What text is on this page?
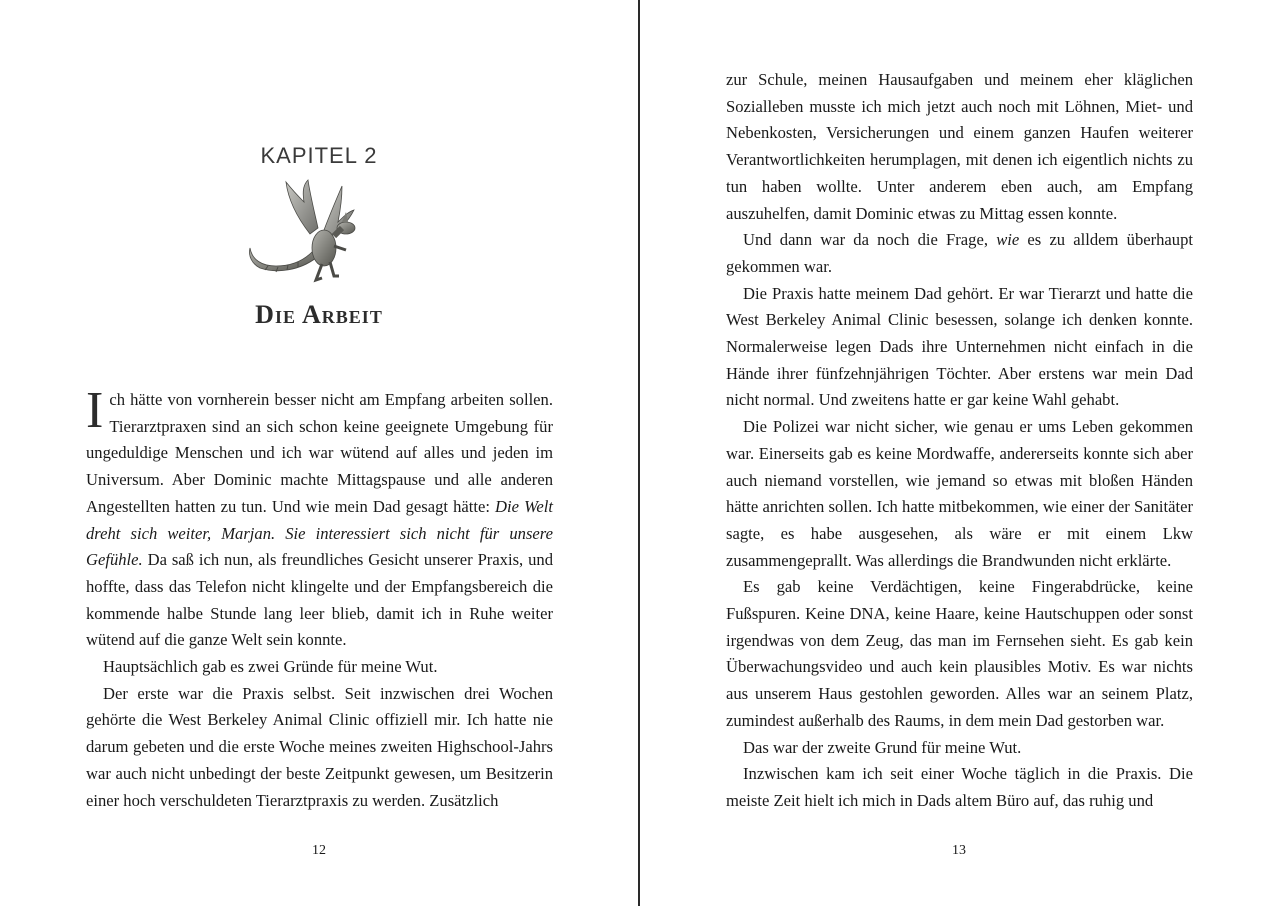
KAPITEL 2
Die Arbeit

Ich hätte von vornherein besser nicht am Empfang arbeiten sollen. Tierarztpraxen sind an sich schon keine geeignete Umgebung für ungeduldige Menschen und ich war wütend auf alles und jeden im Universum. Aber Dominic machte Mittagspause und alle anderen Angestellten hatten zu tun. Und wie mein Dad gesagt hätte: Die Welt dreht sich weiter, Marjan. Sie interessiert sich nicht für unsere Gefühle. Da saß ich nun, als freundliches Gesicht unserer Praxis, und hoffte, dass das Telefon nicht klingelte und der Empfangsbereich die kommende halbe Stunde lang leer blieb, damit ich in Ruhe weiter wütend auf die ganze Welt sein konnte.

Hauptsächlich gab es zwei Gründe für meine Wut.

Der erste war die Praxis selbst. Seit inzwischen drei Wochen gehörte die West Berkeley Animal Clinic offiziell mir. Ich hatte nie darum gebeten und die erste Woche meines zweiten Highschool-Jahrs war auch nicht unbedingt der beste Zeitpunkt gewesen, um Besitzerin einer hoch verschuldeten Tierarztpraxis zu werden. Zusätzlich

12

zur Schule, meinen Hausaufgaben und meinem eher kläglichen Sozialleben musste ich mich jetzt auch noch mit Löhnen, Miet- und Nebenkosten, Versicherungen und einem ganzen Haufen weiterer Verantwortlichkeiten herumplagen, mit denen ich eigentlich nichts zu tun haben wollte. Unter anderem eben auch, am Empfang auszuhelfen, damit Dominic etwas zu Mittag essen konnte.

Und dann war da noch die Frage, wie es zu alldem überhaupt gekommen war.

Die Praxis hatte meinem Dad gehört. Er war Tierarzt und hatte die West Berkeley Animal Clinic besessen, solange ich denken konnte. Normalerweise legen Dads ihre Unternehmen nicht einfach in die Hände ihrer fünfzehnjährigen Töchter. Aber erstens war mein Dad nicht normal. Und zweitens hatte er gar keine Wahl gehabt.

Die Polizei war nicht sicher, wie genau er ums Leben gekommen war. Einerseits gab es keine Mordwaffe, andererseits konnte sich aber auch niemand vorstellen, wie jemand so etwas mit bloßen Händen hätte anrichten sollen. Ich hatte mitbekommen, wie einer der Sanitäter sagte, es habe ausgesehen, als wäre er mit einem Lkw zusammengeprallt. Was allerdings die Brandwunden nicht erklärte.

Es gab keine Verdächtigen, keine Fingerabdrücke, keine Fußspuren. Keine DNA, keine Haare, keine Hautschuppen oder sonst irgendwas von dem Zeug, das man im Fernsehen sieht. Es gab kein Überwachungsvideo und auch kein plausibles Motiv. Es war nichts aus unserem Haus gestohlen geworden. Alles war an seinem Platz, zumindest außerhalb des Raums, in dem mein Dad gestorben war.

Das war der zweite Grund für meine Wut.

Inzwischen kam ich seit einer Woche täglich in die Praxis. Die meiste Zeit hielt ich mich in Dads altem Büro auf, das ruhig und

13
